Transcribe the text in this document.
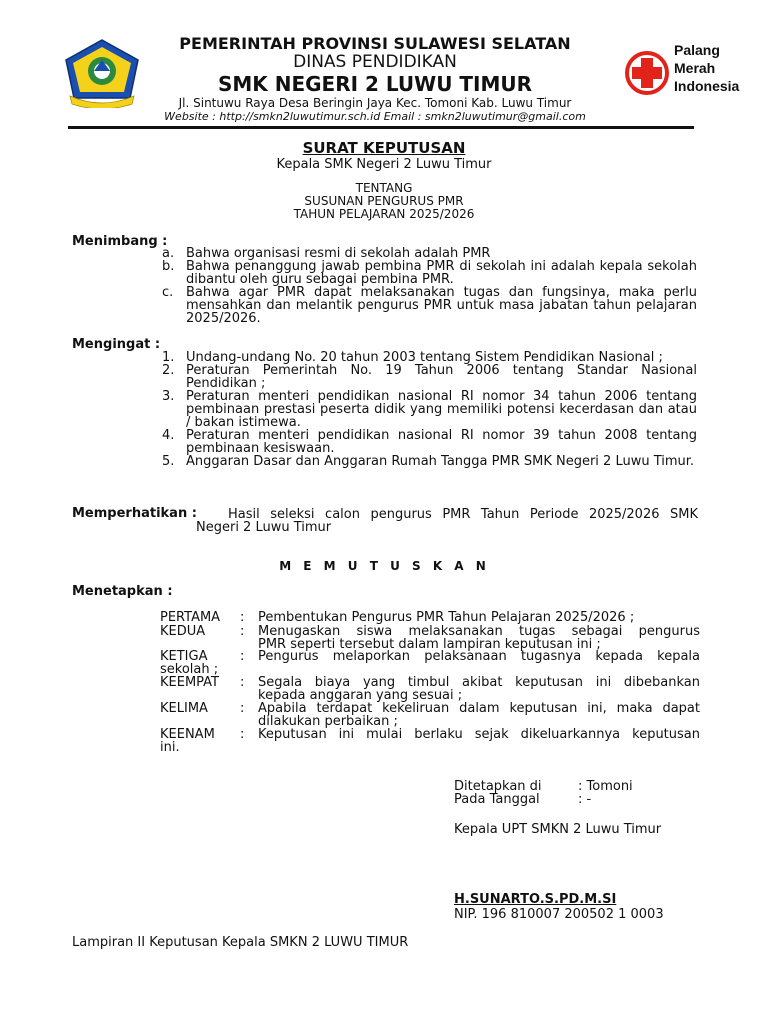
PEMERINTAH PROVINSI SULAWESI SELATAN
DINAS PENDIDIKAN
SMK NEGERI 2 LUWU TIMUR
Jl. Sintuwu Raya Desa Beringin Jaya Kec. Tomoni Kab. Luwu Timur
Website : http://smkn2luwutimur.sch.id Email : smkn2luwutimur@gmail.com
Palang
Merah
Indonesia
SURAT KEPUTUSAN
Kepala SMK Negeri 2 Luwu Timur
TENTANG
SUSUNAN PENGURUS PMR
TAHUN PELAJARAN 2025/2026
Menimbang :
a. Bahwa organisasi resmi di sekolah adalah PMR
b. Bahwa penanggung jawab pembina PMR di sekolah ini adalah kepala sekolah dibantu oleh guru sebagai pembina PMR.
c. Bahwa agar PMR dapat melaksanakan tugas dan fungsinya, maka perlu mensahkan dan melantik pengurus PMR untuk masa jabatan tahun pelajaran 2025/2026.
Mengingat :
1. Undang-undang No. 20 tahun 2003 tentang Sistem Pendidikan Nasional ;
2. Peraturan Pemerintah No. 19 Tahun 2006 tentang Standar Nasional Pendidikan ;
3. Peraturan menteri pendidikan nasional RI nomor 34 tahun 2006 tentang pembinaan prestasi peserta didik yang memiliki potensi kecerdasan dan atau / bakan istimewa.
4. Peraturan menteri pendidikan nasional RI nomor 39 tahun 2008 tentang pembinaan kesiswaan.
5. Anggaran Dasar dan Anggaran Rumah Tangga PMR SMK Negeri 2 Luwu Timur.
Memperhatikan : Hasil seleksi calon pengurus PMR Tahun Periode 2025/2026 SMK
Negeri 2 Luwu Timur
M E M U T U S K A N
Menetapkan :
PERTAMA : Pembentukan Pengurus PMR Tahun Pelajaran 2025/2026 ;
KEDUA	: Menugaskan siswa melaksanakan tugas sebagai pengurus
PMR seperti tersebut dalam lampiran keputusan ini ;
KETIGA	: Pengurus melaporkan pelaksanaan tugasnya kepada kepala
sekolah ;
KEEMPAT : Segala biaya yang timbul akibat keputusan ini dibebankan
kepada anggaran yang sesuai ;
KELIMA : Apabila terdapat kekeliruan dalam keputusan ini, maka dapat
dilakukan perbaikan ;
KEENAM : Keputusan ini mulai berlaku sejak dikeluarkannya keputusan
ini.
Ditetapkan di	: Tomoni
Pada Tanggal	: -
Kepala UPT SMKN 2 Luwu Timur
H.SUNARTO.S.PD.M.SI
NIP. 196 810007 200502 1 0003
Lampiran II Keputusan Kepala SMKN 2 LUWU TIMUR
